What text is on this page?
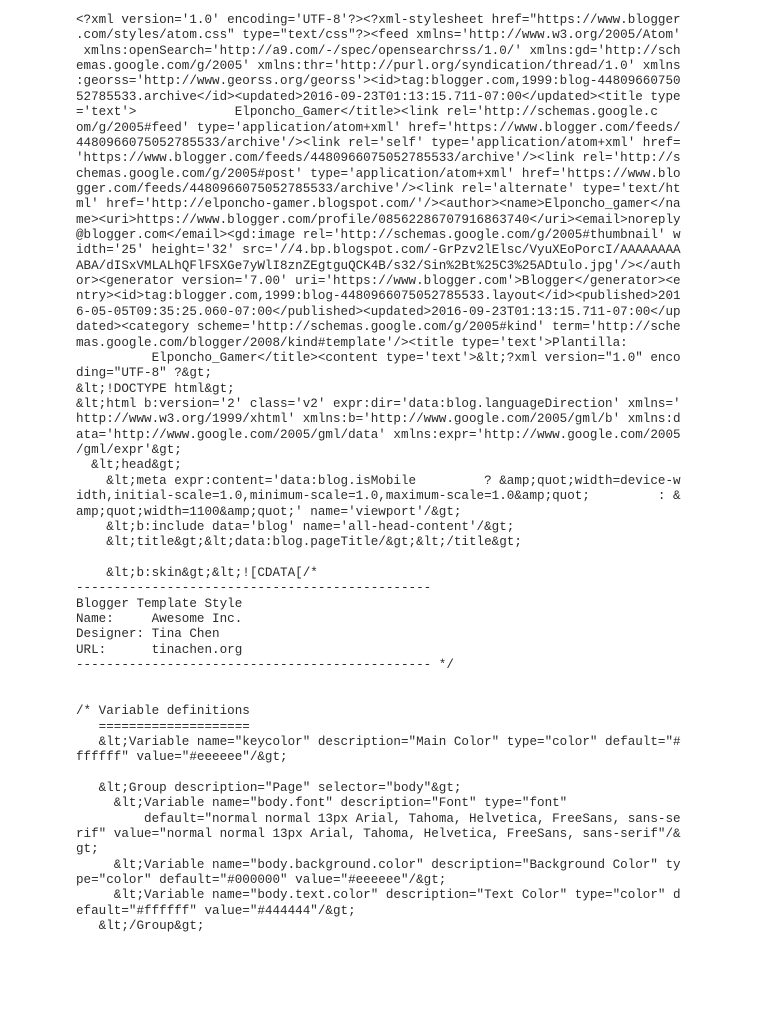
<?xml version='1.0' encoding='UTF-8'?><?xml-stylesheet href="https://www.blogger
.com/styles/atom.css" type="text/css"?><feed xmlns='http://www.w3.org/2005/Atom'
xmlns:openSearch='http://a9.com/-/spec/opensearchrss/1.0/' xmlns:gd='http://sch
emas.google.com/g/2005' xmlns:thr='http://purl.org/syndication/thread/1.0' xmlns
:georss='http://www.georss.org/georss'><id>tag:blogger.com,1999:blog-44809660750
52785533.archive</id><updated>2016-09-23T01:13:15.711-07:00</updated><title type
='text'>             Elponcho_Gamer</title><link rel='http://schemas.google.c
om/g/2005#feed' type='application/atom+xml' href='https://www.blogger.com/feeds/
4480966075052785533/archive'/><link rel='self' type='application/atom+xml' href=
'https://www.blogger.com/feeds/4480966075052785533/archive'/><link rel='http://s
chemas.google.com/g/2005#post' type='application/atom+xml' href='https://www.blo
gger.com/feeds/4480966075052785533/archive'/><link rel='alternate' type='text/ht
ml' href='http://elponcho-gamer.blogspot.com/'/><author><name>Elponcho_gamer</na
me><uri>https://www.blogger.com/profile/08562286707916863740</uri><email>noreply
@blogger.com</email><gd:image rel='http://schemas.google.com/g/2005#thumbnail' w
idth='25' height='32' src='//4.bp.blogspot.com/-GrPzv2lElsc/VyuXEoPorcI/AAAAAAAA
ABA/dISxVMLALhQFlFSXGe7yWlI8znZEgtguQCK4B/s32/Sin%2Bt%25C3%25ADtulo.jpg'/></auth
or><generator version='7.00' uri='https://www.blogger.com'>Blogger</generator><e
ntry><id>tag:blogger.com,1999:blog-4480966075052785533.layout</id><published>201
6-05-05T09:35:25.060-07:00</published><updated>2016-09-23T01:13:15.711-07:00</up
dated><category scheme='http://schemas.google.com/g/2005#kind' term='http://sche
mas.google.com/blogger/2008/kind#template'/><title type='text'>Plantilla:
Elponcho_Gamer</title><content type='text'>&lt;?xml version="1.0" enco
ding="UTF-8" ?&gt;
&lt;!DOCTYPE html&gt;
&lt;html b:version='2' class='v2' expr:dir='data:blog.languageDirection' xmlns='
http://www.w3.org/1999/xhtml' xmlns:b='http://www.google.com/2005/gml/b' xmlns:d
ata='http://www.google.com/2005/gml/data' xmlns:expr='http://www.google.com/2005
/gml/expr'&gt;
&lt;head&gt;
&lt;meta expr:content='data:blog.isMobile         ? &amp;quot;width=device-w
idth,initial-scale=1.0,minimum-scale=1.0,maximum-scale=1.0&amp;quot;         : &
amp;quot;width=1100&amp;quot;' name='viewport'/&gt;
&lt;b:include data='blog' name='all-head-content'/&gt;
&lt;title&gt;&lt;data:blog.pageTitle/&gt;&lt;/title&gt;
&lt;b:skin&gt;&lt;![CDATA[/*
-----------------------------------------------
Blogger Template Style
Name:     Awesome Inc.
Designer: Tina Chen
URL:      tinachen.org
----------------------------------------------- */
/* Variable definitions
====================
&lt;Variable name="keycolor" description="Main Color" type="color" default="#
ffffff" value="#eeeeee"/&gt;
&lt;Group description="Page" selector="body"&gt;
&lt;Variable name="body.font" description="Font" type="font"
default="normal normal 13px Arial, Tahoma, Helvetica, FreeSans, sans-se
rif" value="normal normal 13px Arial, Tahoma, Helvetica, FreeSans, sans-serif"/&
gt;
&lt;Variable name="body.background.color" description="Background Color" ty
pe="color" default="#000000" value="#eeeeee"/&gt;
&lt;Variable name="body.text.color" description="Text Color" type="color" d
efault="#ffffff" value="#444444"/&gt;
&lt;/Group&gt;
